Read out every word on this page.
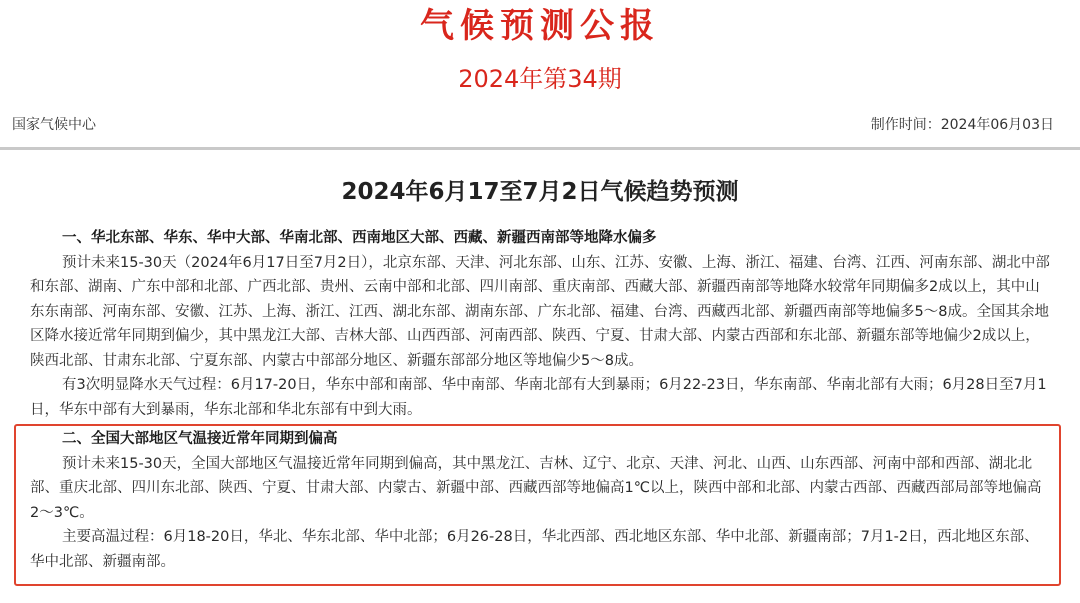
气候预测公报
2024年第34期
国家气候中心	制作时间：2024年06月03日
2024年6月17至7月2日气候趋势预测
一、华北东部、华东、华中大部、华南北部、西南地区大部、西藏、新疆西南部等地降水偏多

预计未来15-30天（2024年6月17日至7月2日），北京东部、天津、河北东部、山东、江苏、安徽、上海、浙江、福建、台湾、江西、河南东部、湖北中部和东部、湖南、广东中部和北部、广西北部、贵州、云南中部和北部、四川南部、重庆南部、西藏大部、新疆西南部等地降水较常年同期偏多2成以上，其中山东东南部、河南东部、安徽、江苏、上海、浙江、江西、湖北东部、湖南东部、广东北部、福建、台湾、西藏西北部、新疆西南部等地偏多5～8成。全国其余地区降水接近常年同期到偏少，其中黑龙江大部、吉林大部、山西西部、河南西部、陕西、宁夏、甘肃大部、内蒙古西部和东北部、新疆东部等地偏少2成以上，陕西北部、甘肃东北部、宁夏东部、内蒙古中部部分地区、新疆东部部分地区等地偏少5～8成。

有3次明显降水天气过程：6月17-20日，华东中部和南部、华中南部、华南北部有大到暴雨；6月22-23日，华东南部、华南北部有大雨；6月28日至7月1日，华东中部有大到暴雨，华东北部和华北东部有中到大雨。

二、全国大部地区气温接近常年同期到偏高

预计未来15-30天，全国大部地区气温接近常年同期到偏高，其中黑龙江、吉林、辽宁、北京、天津、河北、山西、山东西部、河南中部和西部、湖北北部、重庆北部、四川东北部、陕西、宁夏、甘肃大部、内蒙古、新疆中部、西藏西部等地偏高1℃以上，陕西中部和北部、内蒙古西部、西藏西部局部等地偏高2～3℃。

主要高温过程：6月18-20日，华北、华东北部、华中北部；6月26-28日，华北西部、西北地区东部、华中北部、新疆南部；7月1-2日，西北地区东部、华中北部、新疆南部。
